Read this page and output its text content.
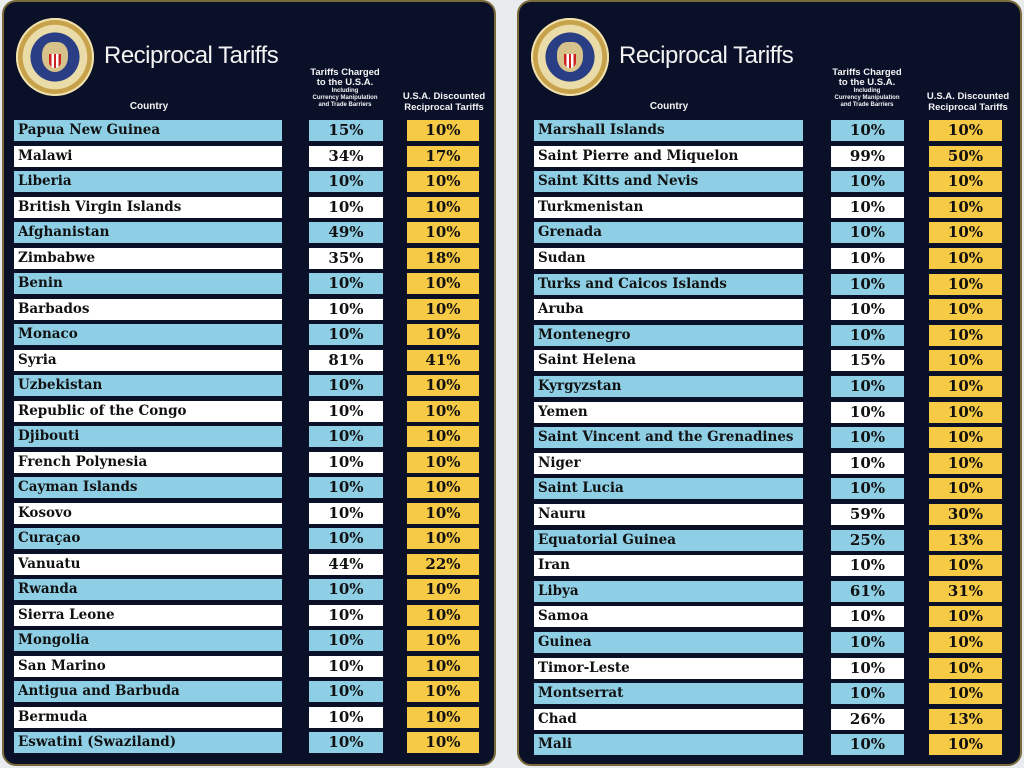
Reciprocal Tariffs
Country
Tariffs Charged
to the U.S.A.
Including
Currency Manipulation
and Trade Barriers
U.S.A. Discounted
Reciprocal Tariffs
Papua New Guinea	15%	10%
Malawi	34%	17%
Liberia	10%	10%
British Virgin Islands	10%	10%
Afghanistan	49%	10%
Zimbabwe	35%	18%
Benin	10%	10%
Barbados	10%	10%
Monaco	10%	10%
Syria	81%	41%
Uzbekistan	10%	10%
Republic of the Congo	10%	10%
Djibouti	10%	10%
French Polynesia	10%	10%
Cayman Islands	10%	10%
Kosovo	10%	10%
Curaçao	10%	10%
Vanuatu	44%	22%
Rwanda	10%	10%
Sierra Leone	10%	10%
Mongolia	10%	10%
San Marino	10%	10%
Antigua and Barbuda	10%	10%
Bermuda	10%	10%
Eswatini (Swaziland)	10%	10%
Reciprocal Tariffs
Country
Tariffs Charged
to the U.S.A.
Including
Currency Manipulation
and Trade Barriers
U.S.A. Discounted
Reciprocal Tariffs
Marshall Islands	10%	10%
Saint Pierre and Miquelon	99%	50%
Saint Kitts and Nevis	10%	10%
Turkmenistan	10%	10%
Grenada	10%	10%
Sudan	10%	10%
Turks and Caicos Islands	10%	10%
Aruba	10%	10%
Montenegro	10%	10%
Saint Helena	15%	10%
Kyrgyzstan	10%	10%
Yemen	10%	10%
Saint Vincent and the Grenadines	10%	10%
Niger	10%	10%
Saint Lucia	10%	10%
Nauru	59%	30%
Equatorial Guinea	25%	13%
Iran	10%	10%
Libya	61%	31%
Samoa	10%	10%
Guinea	10%	10%
Timor-Leste	10%	10%
Montserrat	10%	10%
Chad	26%	13%
Mali	10%	10%
